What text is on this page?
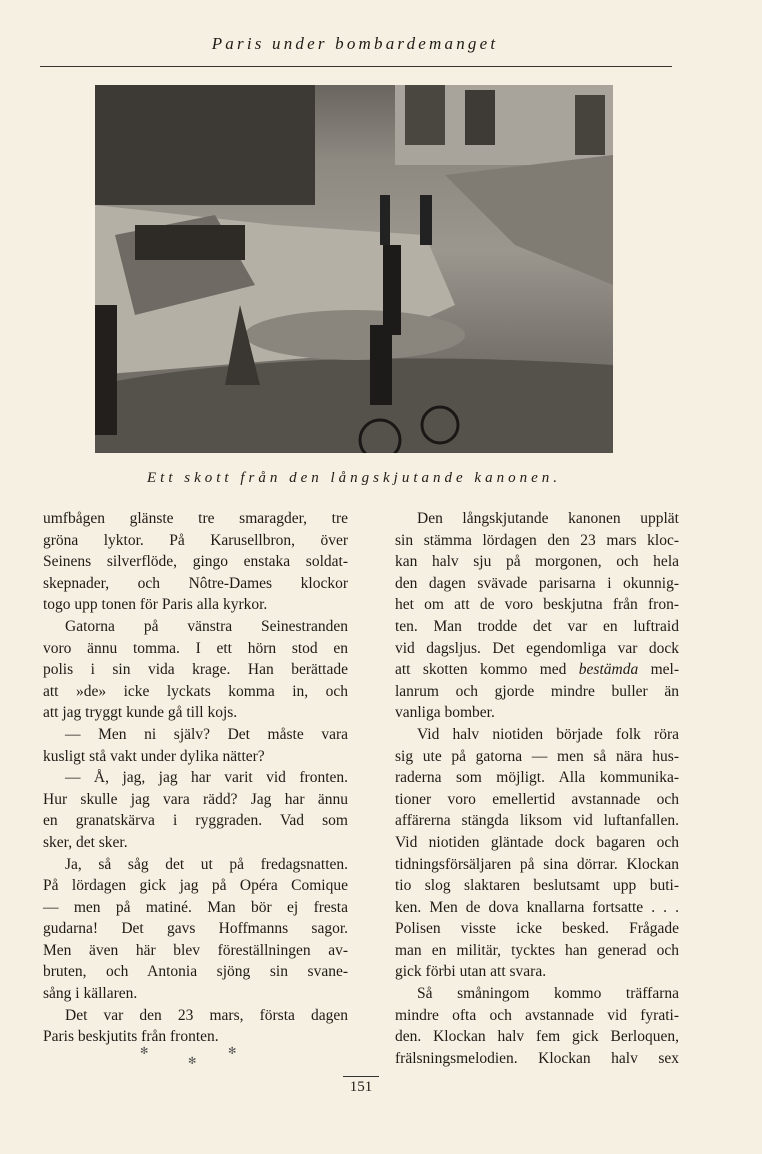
Paris under bombardemanget
Ett skott från den långskjutande kanonen.
umfbågen glänste tre smaragder, tre
gröna lyktor. På Karusellbron, över
Seinens silverflöde, gingo enstaka soldat-
skepnader, och Nôtre-Dames klockor
togo upp tonen för Paris alla kyrkor.
Gatorna på vänstra Seinestranden
voro ännu tomma. I ett hörn stod en
polis i sin vida krage. Han berättade
att »de» icke lyckats komma in, och
att jag tryggt kunde gå till kojs.
— Men ni själv? Det måste vara
kusligt stå vakt under dylika nätter?
— Å, jag, jag har varit vid fronten.
Hur skulle jag vara rädd? Jag har ännu
en granatskärva i ryggraden. Vad som
sker, det sker.
Ja, så såg det ut på fredagsnatten.
På lördagen gick jag på Opéra Comique
— men på matiné. Man bör ej fresta
gudarna! Det gavs Hoffmanns sagor.
Men även här blev föreställningen av-
bruten, och Antonia sjöng sin svane-
sång i källaren.
Det var den 23 mars, första dagen
Paris beskjutits från fronten.
Den långskjutande kanonen upplät
sin stämma lördagen den 23 mars kloc-
kan halv sju på morgonen, och hela
den dagen svävade parisarna i okunnig-
het om att de voro beskjutna från fron-
ten. Man trodde det var en luftraid
vid dagsljus. Det egendomliga var dock
att skotten kommo med bestämda mel-
lanrum och gjorde mindre buller än
vanliga bomber.
Vid halv niotiden började folk röra
sig ute på gatorna — men så nära hus-
raderna som möjligt. Alla kommunika-
tioner voro emellertid avstannade och
affärerna stängda liksom vid luftanfallen.
Vid niotiden gläntade dock bagaren och
tidningsförsäljaren på sina dörrar. Klockan
tio slog slaktaren beslutsamt upp buti-
ken. Men de dova knallarna fortsatte . . .
Polisen visste icke besked. Frågade
man en militär, tycktes han generad och
gick förbi utan att svara.
Så småningom kommo träffarna
mindre ofta och avstannade vid fyrati-
den. Klockan halv fem gick Berloquen,
frälsningsmelodien. Klockan halv sex
✻
✻
✻
151
